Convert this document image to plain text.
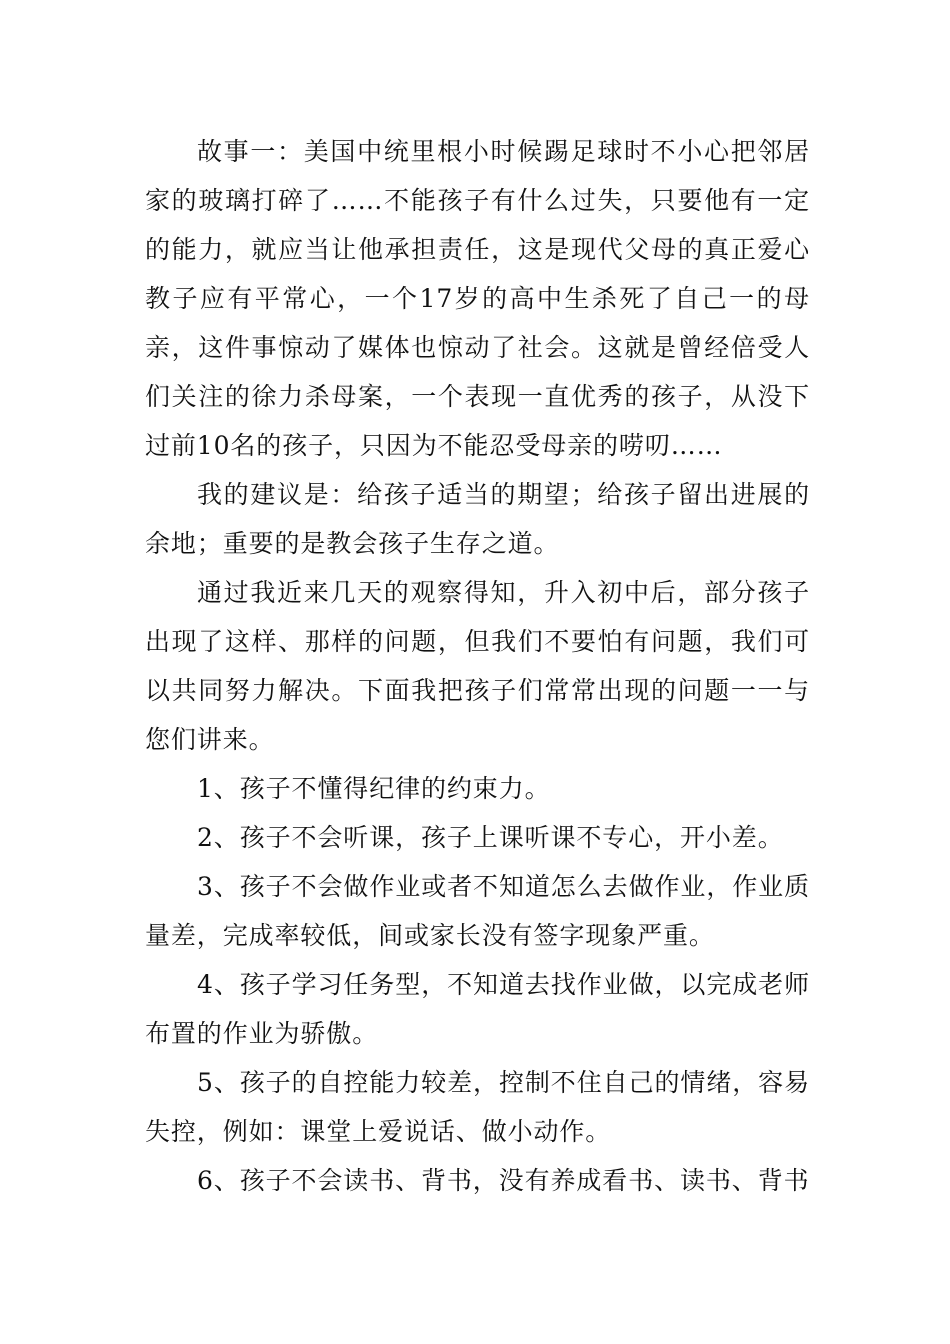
故事一：美国中统里根小时候踢足球时不小心把邻居家的玻璃打碎了……不能孩子有什么过失，只要他有一定的能力，就应当让他承担责任，这是现代父母的真正爱心教子应有平常心，一个17岁的高中生杀死了自己一的母亲，这件事惊动了媒体也惊动了社会。这就是曾经倍受人们关注的徐力杀母案，一个表现一直优秀的孩子，从没下过前10名的孩子，只因为不能忍受母亲的唠叨……

我的建议是：给孩子适当的期望；给孩子留出进展的余地；重要的是教会孩子生存之道。

通过我近来几天的观察得知，升入初中后，部分孩子出现了这样、那样的问题，但我们不要怕有问题，我们可以共同努力解决。下面我把孩子们常常出现的问题一一与您们讲来。

1、孩子不懂得纪律的约束力。

2、孩子不会听课，孩子上课听课不专心，开小差。

3、孩子不会做作业或者不知道怎么去做作业，作业质量差，完成率较低，间或家长没有签字现象严重。

4、孩子学习任务型，不知道去找作业做，以完成老师布置的作业为骄傲。

5、孩子的自控能力较差，控制不住自己的情绪，容易失控，例如：课堂上爱说话、做小动作。

6、孩子不会读书、背书，没有养成看书、读书、背书
